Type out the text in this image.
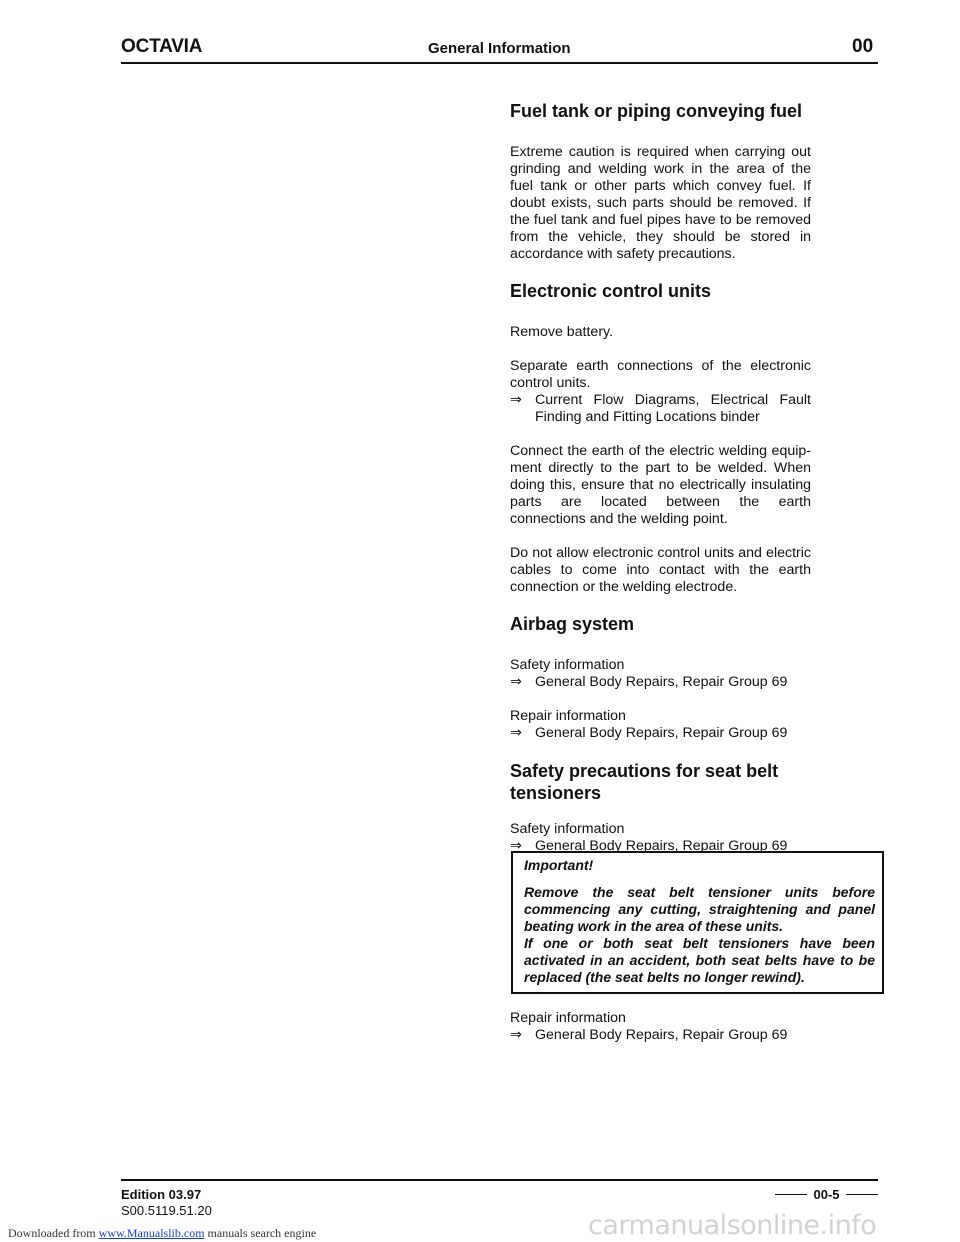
OCTAVIA	General Information	00
Fuel tank or piping conveying fuel

Extreme caution is required when carrying out grinding and welding work in the area of the fuel tank or other parts which convey fuel. If doubt exists, such parts should be removed. If the fuel tank and fuel pipes have to be removed from the vehicle, they should be stored in accordance with safety precautions.

Electronic control units

Remove battery.

Separate earth connections of the electronic control units.

⇒ Current Flow Diagrams, Electrical Fault Finding and Fitting Locations binder

Connect the earth of the electric welding equip-ment directly to the part to be welded. When doing this, ensure that no electrically insulating parts are located between the earth connections and the welding point.

Do not allow electronic control units and electric cables to come into contact with the earth connection or the welding electrode.

Airbag system
Safety information
⇒ General Body Repairs, Repair Group 69
Repair information
⇒ General Body Repairs, Repair Group 69
Safety precautions for seat belt tensioners
Safety information
⇒ General Body Repairs, Repair Group 69
Important!
Remove the seat belt tensioner units before commencing any cutting, straightening and panel beating work in the area of these units.
If one or both seat belt tensioners have been activated in an accident, both seat belts have to be replaced (the seat belts no longer rewind).
Repair information
⇒ General Body Repairs, Repair Group 69
Edition 03.97
S00.5119.51.20
00-5
carmanualsonline.info
Downloaded from www.Manualslib.com manuals search engine
